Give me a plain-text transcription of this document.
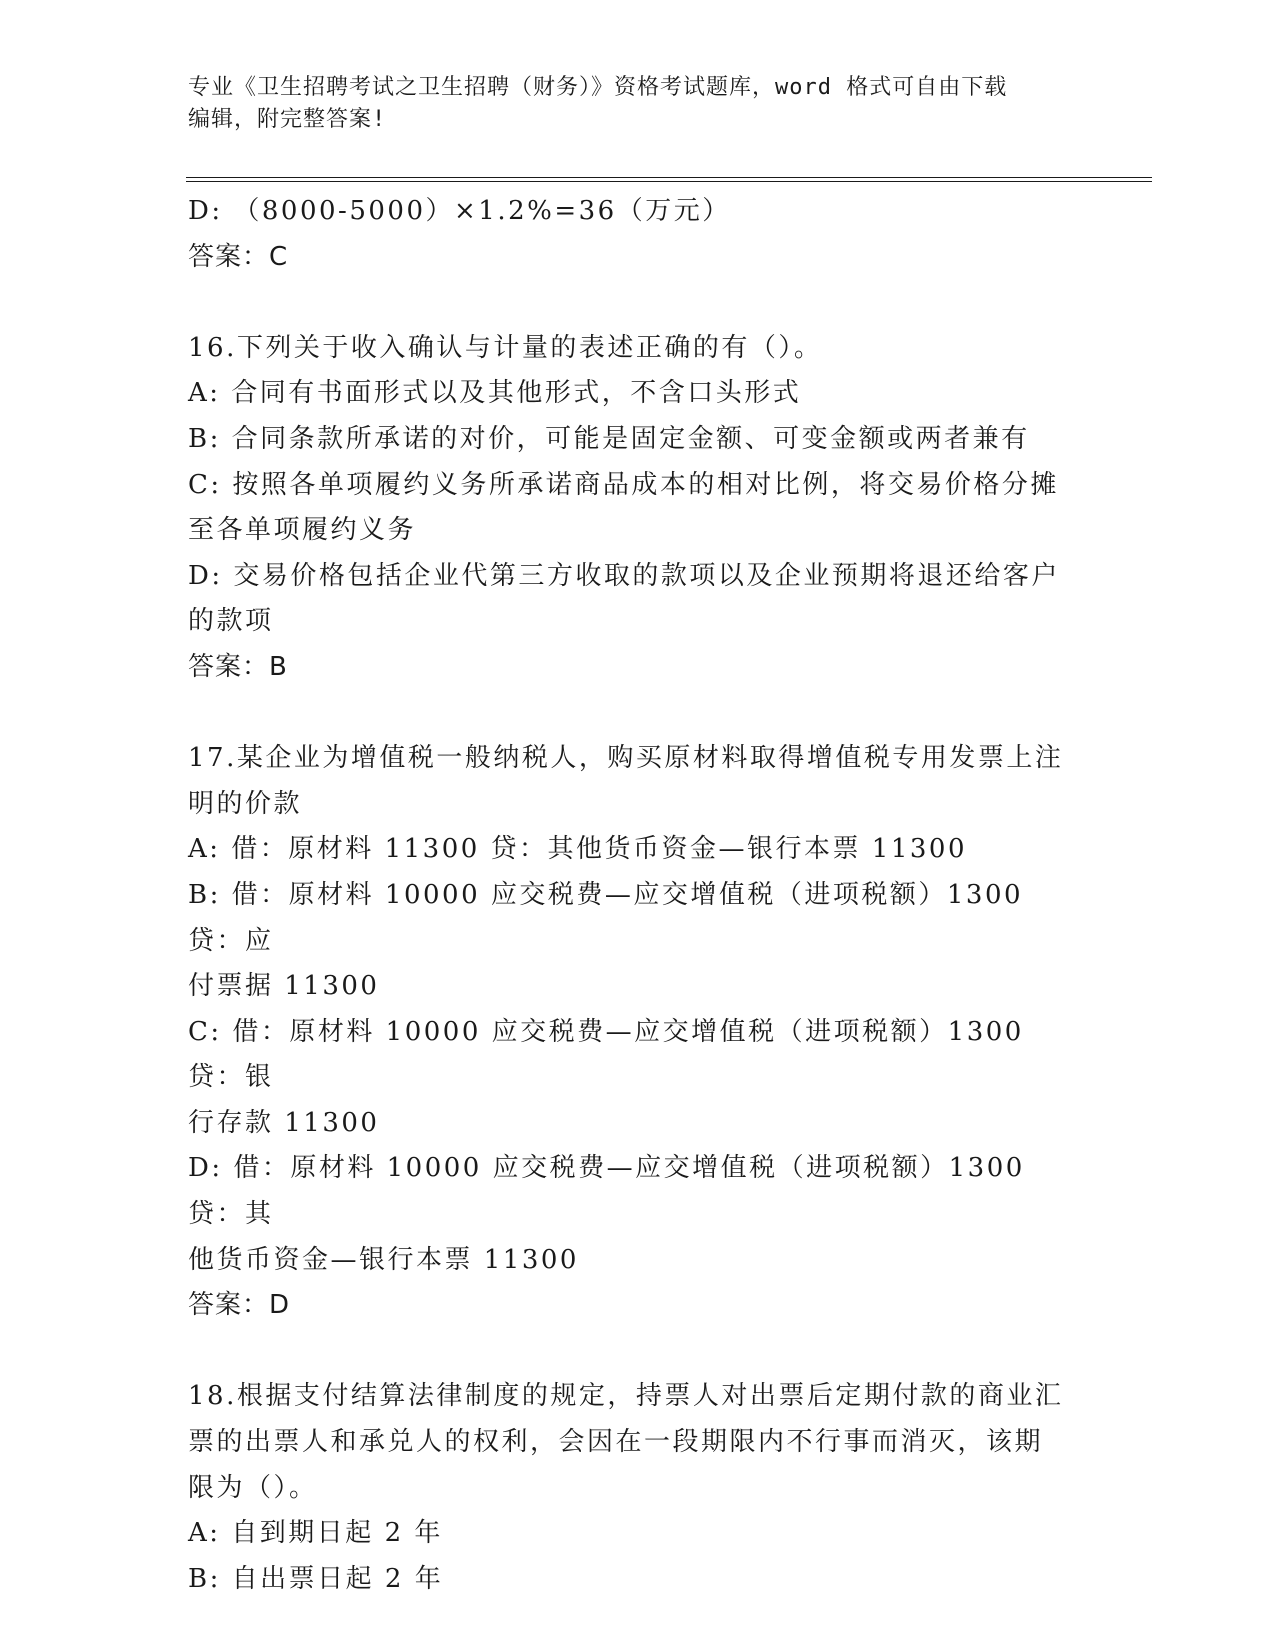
专业《卫生招聘考试之卫生招聘（财务）》资格考试题库，word 格式可自由下载
编辑，附完整答案!

D: （8000-5000）×1.2%=36（万元）

答案：C

16.下列关于收入确认与计量的表述正确的有（）。

A: 合同有书面形式以及其他形式，不含口头形式

B: 合同条款所承诺的对价，可能是固定金额、可变金额或两者兼有

C: 按照各单项履约义务所承诺商品成本的相对比例，将交易价格分摊

至各单项履约义务

D: 交易价格包括企业代第三方收取的款项以及企业预期将退还给客户

的款项

答案：B

17.某企业为增值税一般纳税人，购买原材料取得增值税专用发票上注

明的价款

A: 借：原材料 11300 贷：其他货币资金—银行本票 11300

B: 借：原材料 10000 应交税费—应交增值税（进项税额）1300 贷：应

付票据 11300

C: 借：原材料 10000 应交税费—应交增值税（进项税额）1300 贷：银

行存款 11300

D: 借：原材料 10000 应交税费—应交增值税（进项税额）1300 贷：其

他货币资金—银行本票 11300

答案：D

18.根据支付结算法律制度的规定，持票人对出票后定期付款的商业汇

票的出票人和承兑人的权利，会因在一段期限内不行事而消灭，该期

限为（）。

A: 自到期日起 2 年

B: 自出票日起 2 年
